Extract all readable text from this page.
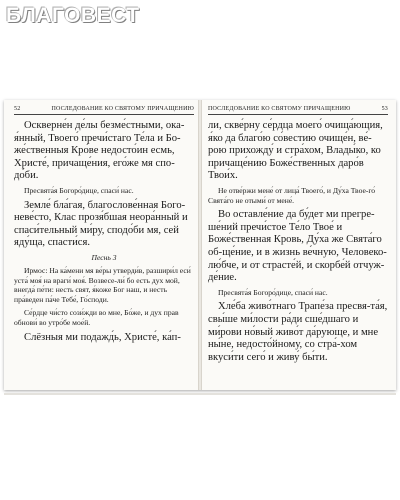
БЛАГОВЕСТ
52	ПОСЛЕДОВАНИЕ КО СВЯТОМУ ПРИЧАЩЕНИЮ

Оскверне́н де́лы безме́стными, ока-я́нный, Твоего́ пречи́стаго Те́ла и Бо-же́ственныя Кро́ве недосто́ин есмь, Христе́, причаще́ния, его́же мя спо-до́би.

Пресвята́я Богоро́дице, спаси́ нас.

Земле́ бла́гая, благослове́нная Бого-неве́сто, Клас прозя́бшая неора́нный и спаси́тельный ми́ру, сподо́би мя, сей яду́ща, спасти́ся.

Песнь 3

Ирмос: На ка́мени мя ве́ры утверди́в, разшири́л еси́ уста́ моя́ на враги́ моя́. Возвесе-ли́ бо есть дух мой, внегда́ пе́ти: несть свят, я́коже Бог наш, и несть пра́веден па́че Тебе́, Го́споди.

Се́рдце чи́сто сози́жди во мне, Бо́же, и дух прав обнови́ во утро́бе мое́й.

Слёзныя ми подажд́ь, Христе́, ка́п-

ПОСЛЕДОВАНИЕ КО СВЯТОМУ ПРИЧАЩЕНИЮ	53

ли, скве́рну се́рдца моего́ очища́ющия, я́ко да благо́ю со́вестию очище́н, ве́-рою прихожду́ и стра́хом, Влады́ко, ко причаще́нию Боже́ственных даро́в Твои́х.

Не отве́ржи мене́ от лица́ Твоего́, и Ду́ха Твое-го́ Свята́го не отыми́ от мене́.

Во оставле́ние да бу́дет ми прегре-ше́ний пречи́стое Те́ло Твое́ и Боже́ственная Кровь, Ду́ха же Свята́го об-ще́ние, и в жизнь ве́чную, Человеко-лю́бче, и от страсте́й, и скорбе́й отчуж-де́ние.

Пресвята́я Богоро́дице, спаси́ нас.

Хле́ба живо́тнаго Трапе́за пресвя-та́я, свы́ше ми́лости ра́ди сше́дшаго и ми́рови но́вый живо́т да́рующе, и мне ны́не, недосто́йному, со стра́-хом вкуси́ти сего́ и живу́ бы́ти.
